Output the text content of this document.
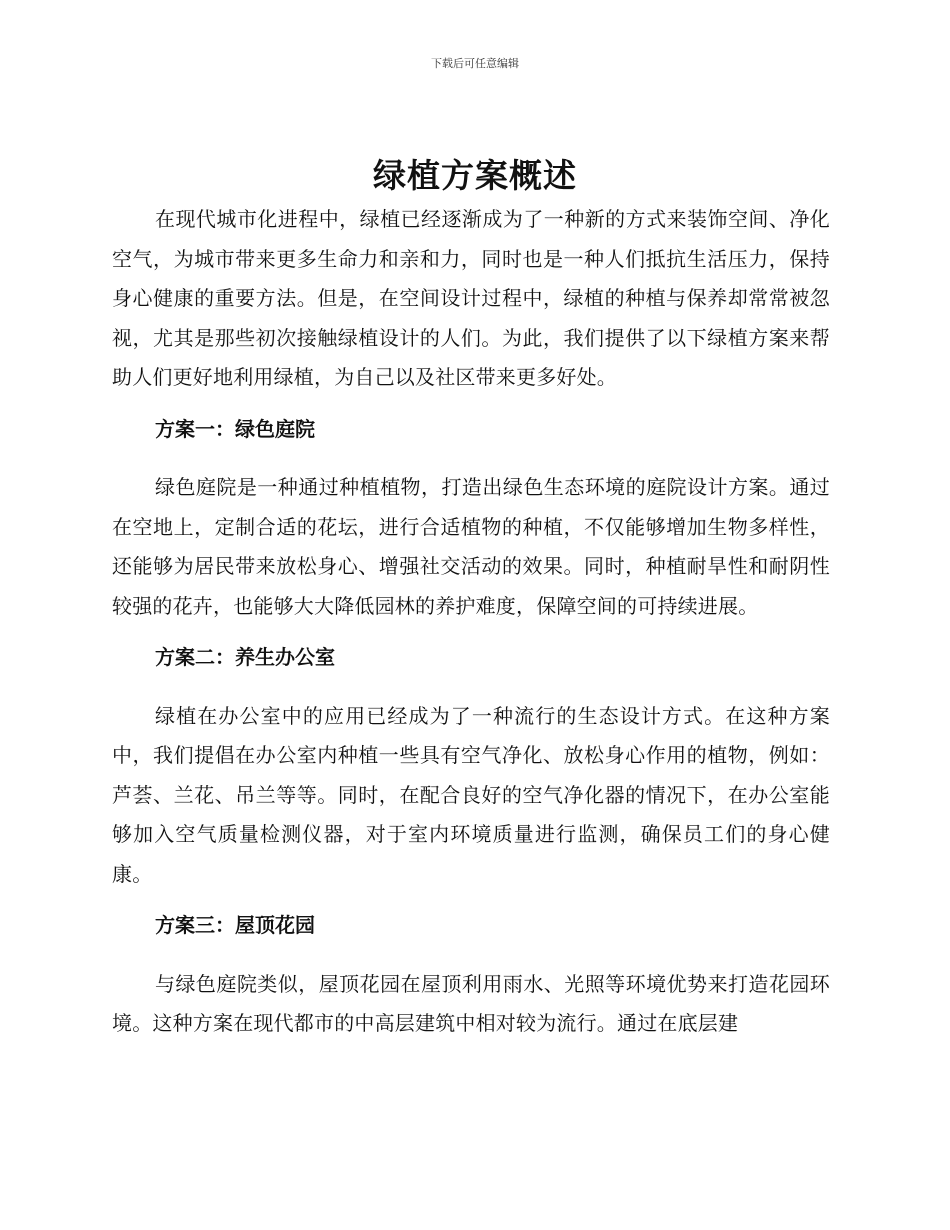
下载后可任意编辑
绿植方案概述

在现代城市化进程中，绿植已经逐渐成为了一种新的方式来装饰空间、净化空气，为城市带来更多生命力和亲和力，同时也是一种人们抵抗生活压力，保持身心健康的重要方法。但是，在空间设计过程中，绿植的种植与保养却常常被忽视，尤其是那些初次接触绿植设计的人们。为此，我们提供了以下绿植方案来帮助人们更好地利用绿植，为自己以及社区带来更多好处。

方案一：绿色庭院

绿色庭院是一种通过种植植物，打造出绿色生态环境的庭院设计方案。通过在空地上，定制合适的花坛，进行合适植物的种植，不仅能够增加生物多样性，还能够为居民带来放松身心、增强社交活动的效果。同时，种植耐旱性和耐阴性较强的花卉，也能够大大降低园林的养护难度，保障空间的可持续进展。

方案二：养生办公室

绿植在办公室中的应用已经成为了一种流行的生态设计方式。在这种方案中，我们提倡在办公室内种植一些具有空气净化、放松身心作用的植物，例如：芦荟、兰花、吊兰等等。同时，在配合良好的空气净化器的情况下，在办公室能够加入空气质量检测仪器，对于室内环境质量进行监测，确保员工们的身心健康。

方案三：屋顶花园

与绿色庭院类似，屋顶花园在屋顶利用雨水、光照等环境优势来打造花园环境。这种方案在现代都市的中高层建筑中相对较为流行。通过在底层建
